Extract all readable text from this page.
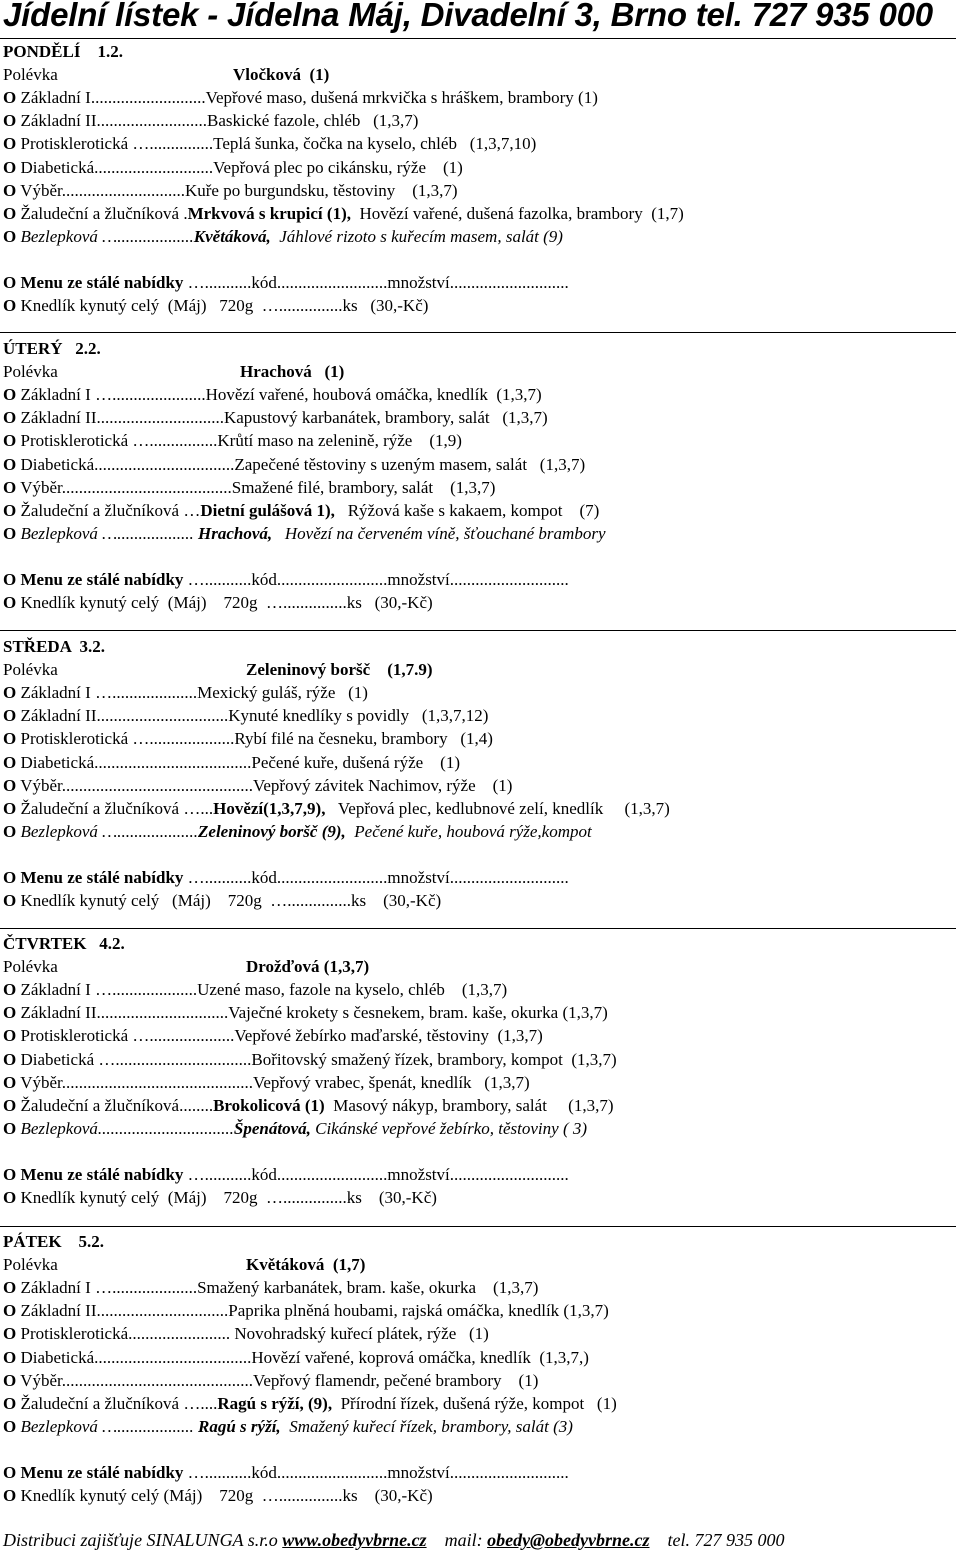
Jídelní lístek - Jídelna Máj, Divadelní 3, Brno tel. 727 935 000
PONDĚLÍ    1.2.
Polévka	Vločková  (1)
O Základní I...........................Vepřové maso, dušená mrkvička s hráškem, brambory (1)
O Základní II..........................Baskické fazole, chléb   (1,3,7)
O Protisklerotická …...............Teplá šunka, čočka na kyselo, chléb   (1,3,7,10)
O Diabetická............................Vepřová plec po cikánsku, rýže    (1)
O Výběr.............................Kuře po burgundsku, těstoviny    (1,3,7)
O Žaludeční a žlučníková .Mrkvová s krupicí (1),  Hovězí vařené, dušená fazolka, brambory  (1,7)
O Bezlepková …..................Květáková,  Jáhlové rizoto s kuřecím masem, salát (9)
O Menu ze stálé nabídky …...........kód..........................množství............................
O Knedlík kynutý celý  (Máj)   720g  …...............ks   (30,-Kč)
ÚTERÝ   2.2.
Polévka	Hrachová   (1)
O Základní I …......................Hovězí vařené, houbová omáčka, knedlík  (1,3,7)
O Základní II..............................Kapustový karbanátek, brambory, salát   (1,3,7)
O Protisklerotická …................Krůtí maso na zelenině, rýže    (1,9)
O Diabetická.................................Zapečené těstoviny s uzeným masem, salát   (1,3,7)
O Výběr........................................Smažené filé, brambory, salát    (1,3,7)
O Žaludeční a žlučníková …Dietní gulášová 1),   Rýžová kaše s kakaem, kompot    (7)
O Bezlepková ….................. Hrachová,   Hovězí na červeném víně, šťouchané brambory
O Menu ze stálé nabídky …...........kód..........................množství............................
O Knedlík kynutý celý  (Máj)    720g  …...............ks   (30,-Kč)
STŘEDA  3.2.
Polévka	Zeleninový boršč    (1,7.9)
O Základní I …....................Mexický guláš, rýže   (1)
O Základní II...............................Kynuté knedlíky s povidly   (1,3,7,12)
O Protisklerotická …....................Rybí filé na česneku, brambory   (1,4)
O Diabetická.....................................Pečené kuře, dušená rýže    (1)
O Výběr.............................................Vepřový závitek Nachimov, rýže    (1)
O Žaludeční a žlučníková …...Hovězí(1,3,7,9),   Vepřová plec, kedlubnové zelí, knedlík     (1,3,7)
O Bezlepková …...................Zeleninový boršč (9),  Pečené kuře, houbová rýže,kompot
O Menu ze stálé nabídky …...........kód..........................množství............................
O Knedlík kynutý celý   (Máj)    720g  …...............ks    (30,-Kč)
ČTVRTEK   4.2.
Polévka	Drožďová (1,3,7)
O Základní I …....................Uzené maso, fazole na kyselo, chléb    (1,3,7)
O Základní II...............................Vaječné krokety s česnekem, bram. kaše, okurka (1,3,7)
O Protisklerotická …....................Vepřové žebírko maďarské, těstoviny  (1,3,7)
O Diabetická …................................Bořitovský smažený řízek, brambory, kompot  (1,3,7)
O Výběr.............................................Vepřový vrabec, špenát, knedlík   (1,3,7)
O Žaludeční a žlučníková........Brokolicová (1)  Masový nákyp, brambory, salát     (1,3,7)
O Bezlepková................................Špenátová, Cikánské vepřové žebírko, těstoviny ( 3)
O Menu ze stálé nabídky …...........kód..........................množství............................
O Knedlík kynutý celý  (Máj)    720g  …...............ks    (30,-Kč)
PÁTEK    5.2.
Polévka	Květáková  (1,7)
O Základní I …....................Smažený karbanátek, bram. kaše, okurka    (1,3,7)
O Základní II...............................Paprika plněná houbami, rajská omáčka, knedlík (1,3,7)
O Protisklerotická........................ Novohradský kuřecí plátek, rýže   (1)
O Diabetická.....................................Hovězí vařené, koprová omáčka, knedlík  (1,3,7,)
O Výběr.............................................Vepřový flamendr, pečené brambory    (1)
O Žaludeční a žlučníková …....Ragú s rýží, (9),  Přírodní řízek, dušená rýže, kompot   (1)
O Bezlepková ….................. Ragú s rýží,  Smažený kuřecí řízek, brambory, salát (3)
O Menu ze stálé nabídky …...........kód..........................množství............................
O Knedlík kynutý celý (Máj)    720g  …...............ks    (30,-Kč)
Distribuci zajišťuje SINALUNGA s.r.o www.obedyvbrne.cz    mail: obedy@obedyvbrne.cz    tel. 727 935 000
